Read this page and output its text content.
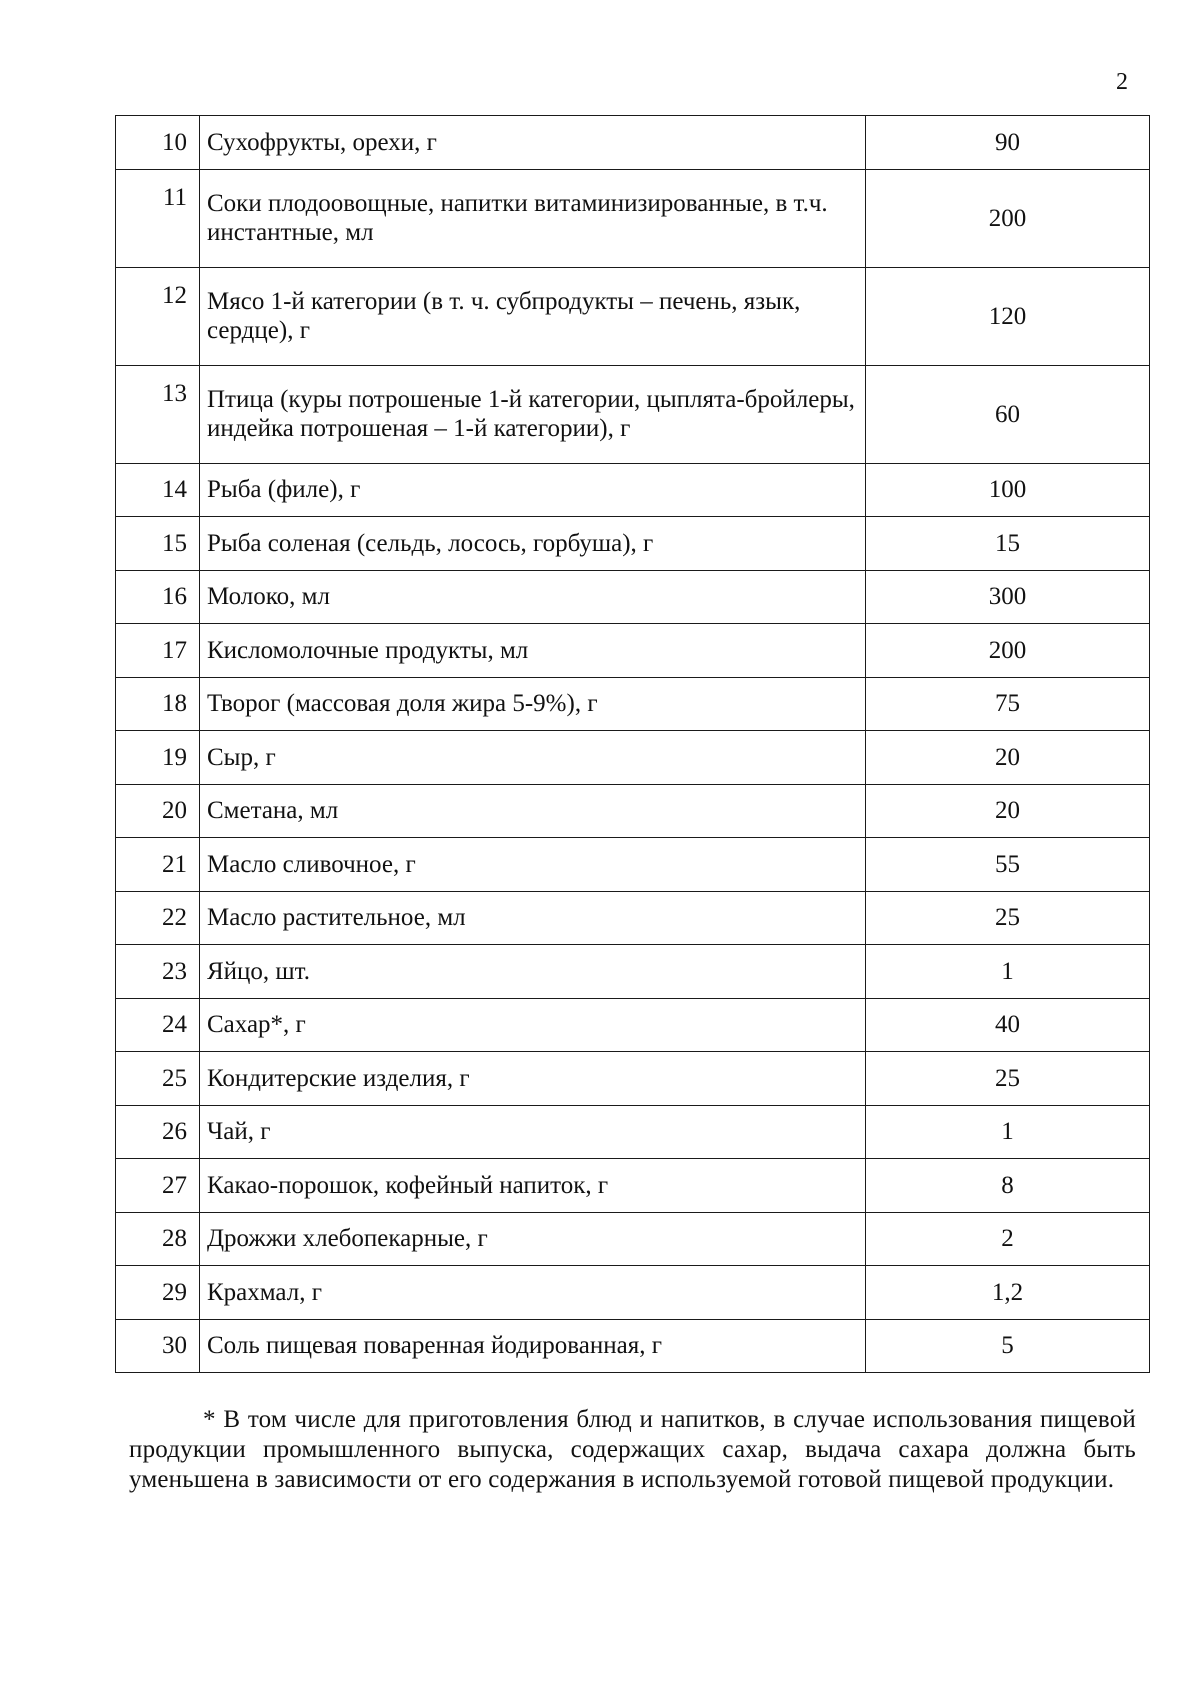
2
10	Сухофрукты, орехи, г	90
11	Соки плодоовощные, напитки витаминизированные, в т.ч. инстантные, мл	200
12	Мясо 1-й категории (в т. ч. субпродукты – печень, язык, сердце), г	120
13	Птица (куры потрошеные 1-й категории, цыплята-бройлеры, индейка потрошеная – 1-й категории), г	60
14	Рыба (филе), г	100
15	Рыба соленая (сельдь, лосось, горбуша), г	15
16	Молоко, мл	300
17	Кисломолочные продукты, мл	200
18	Творог (массовая доля жира 5-9%), г	75
19	Сыр, г	20
20	Сметана, мл	20
21	Масло сливочное, г	55
22	Масло растительное, мл	25
23	Яйцо, шт.	1
24	Сахар*, г	40
25	Кондитерские изделия, г	25
26	Чай, г	1
27	Какао-порошок, кофейный напиток, г	8
28	Дрожжи хлебопекарные, г	2
29	Крахмал, г	1,2
30	Соль пищевая поваренная йодированная, г	5

* В том числе для приготовления блюд и напитков, в случае использования пищевой продукции промышленного выпуска, содержащих сахар, выдача сахара должна быть уменьшена в зависимости от его содержания в используемой готовой пищевой продукции.
